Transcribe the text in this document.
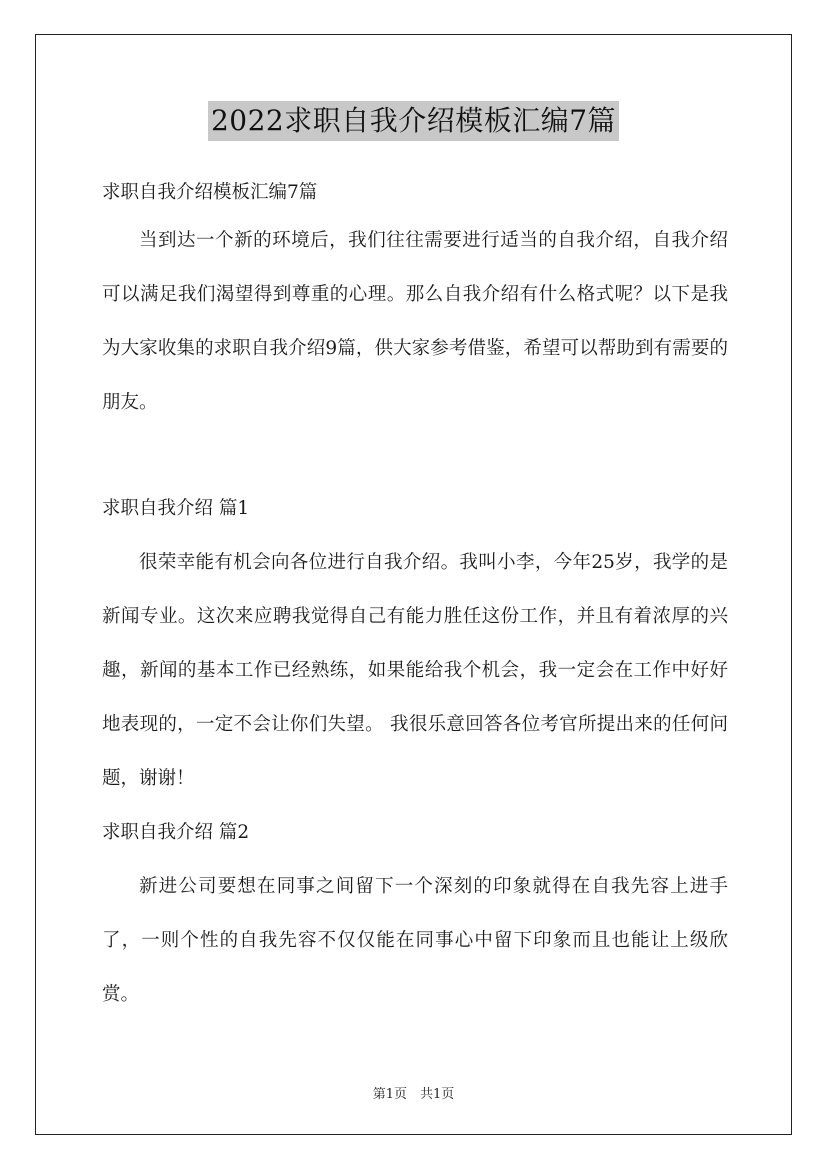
2022求职自我介绍模板汇编7篇

求职自我介绍模板汇编7篇

当到达一个新的环境后，我们往往需要进行适当的自我介绍，自我介绍可以满足我们渴望得到尊重的心理。那么自我介绍有什么格式呢？以下是我为大家收集的求职自我介绍9篇，供大家参考借鉴，希望可以帮助到有需要的朋友。

求职自我介绍 篇1

很荣幸能有机会向各位进行自我介绍。我叫小李，今年25岁，我学的是新闻专业。这次来应聘我觉得自己有能力胜任这份工作，并且有着浓厚的兴趣，新闻的基本工作已经熟练，如果能给我个机会，我一定会在工作中好好地表现的，一定不会让你们失望。 我很乐意回答各位考官所提出来的任何问题，谢谢！

求职自我介绍 篇2

新进公司要想在同事之间留下一个深刻的印象就得在自我先容上进手了，一则个性的自我先容不仅仅能在同事心中留下印象而且也能让上级欣赏。

第1页　共1页
